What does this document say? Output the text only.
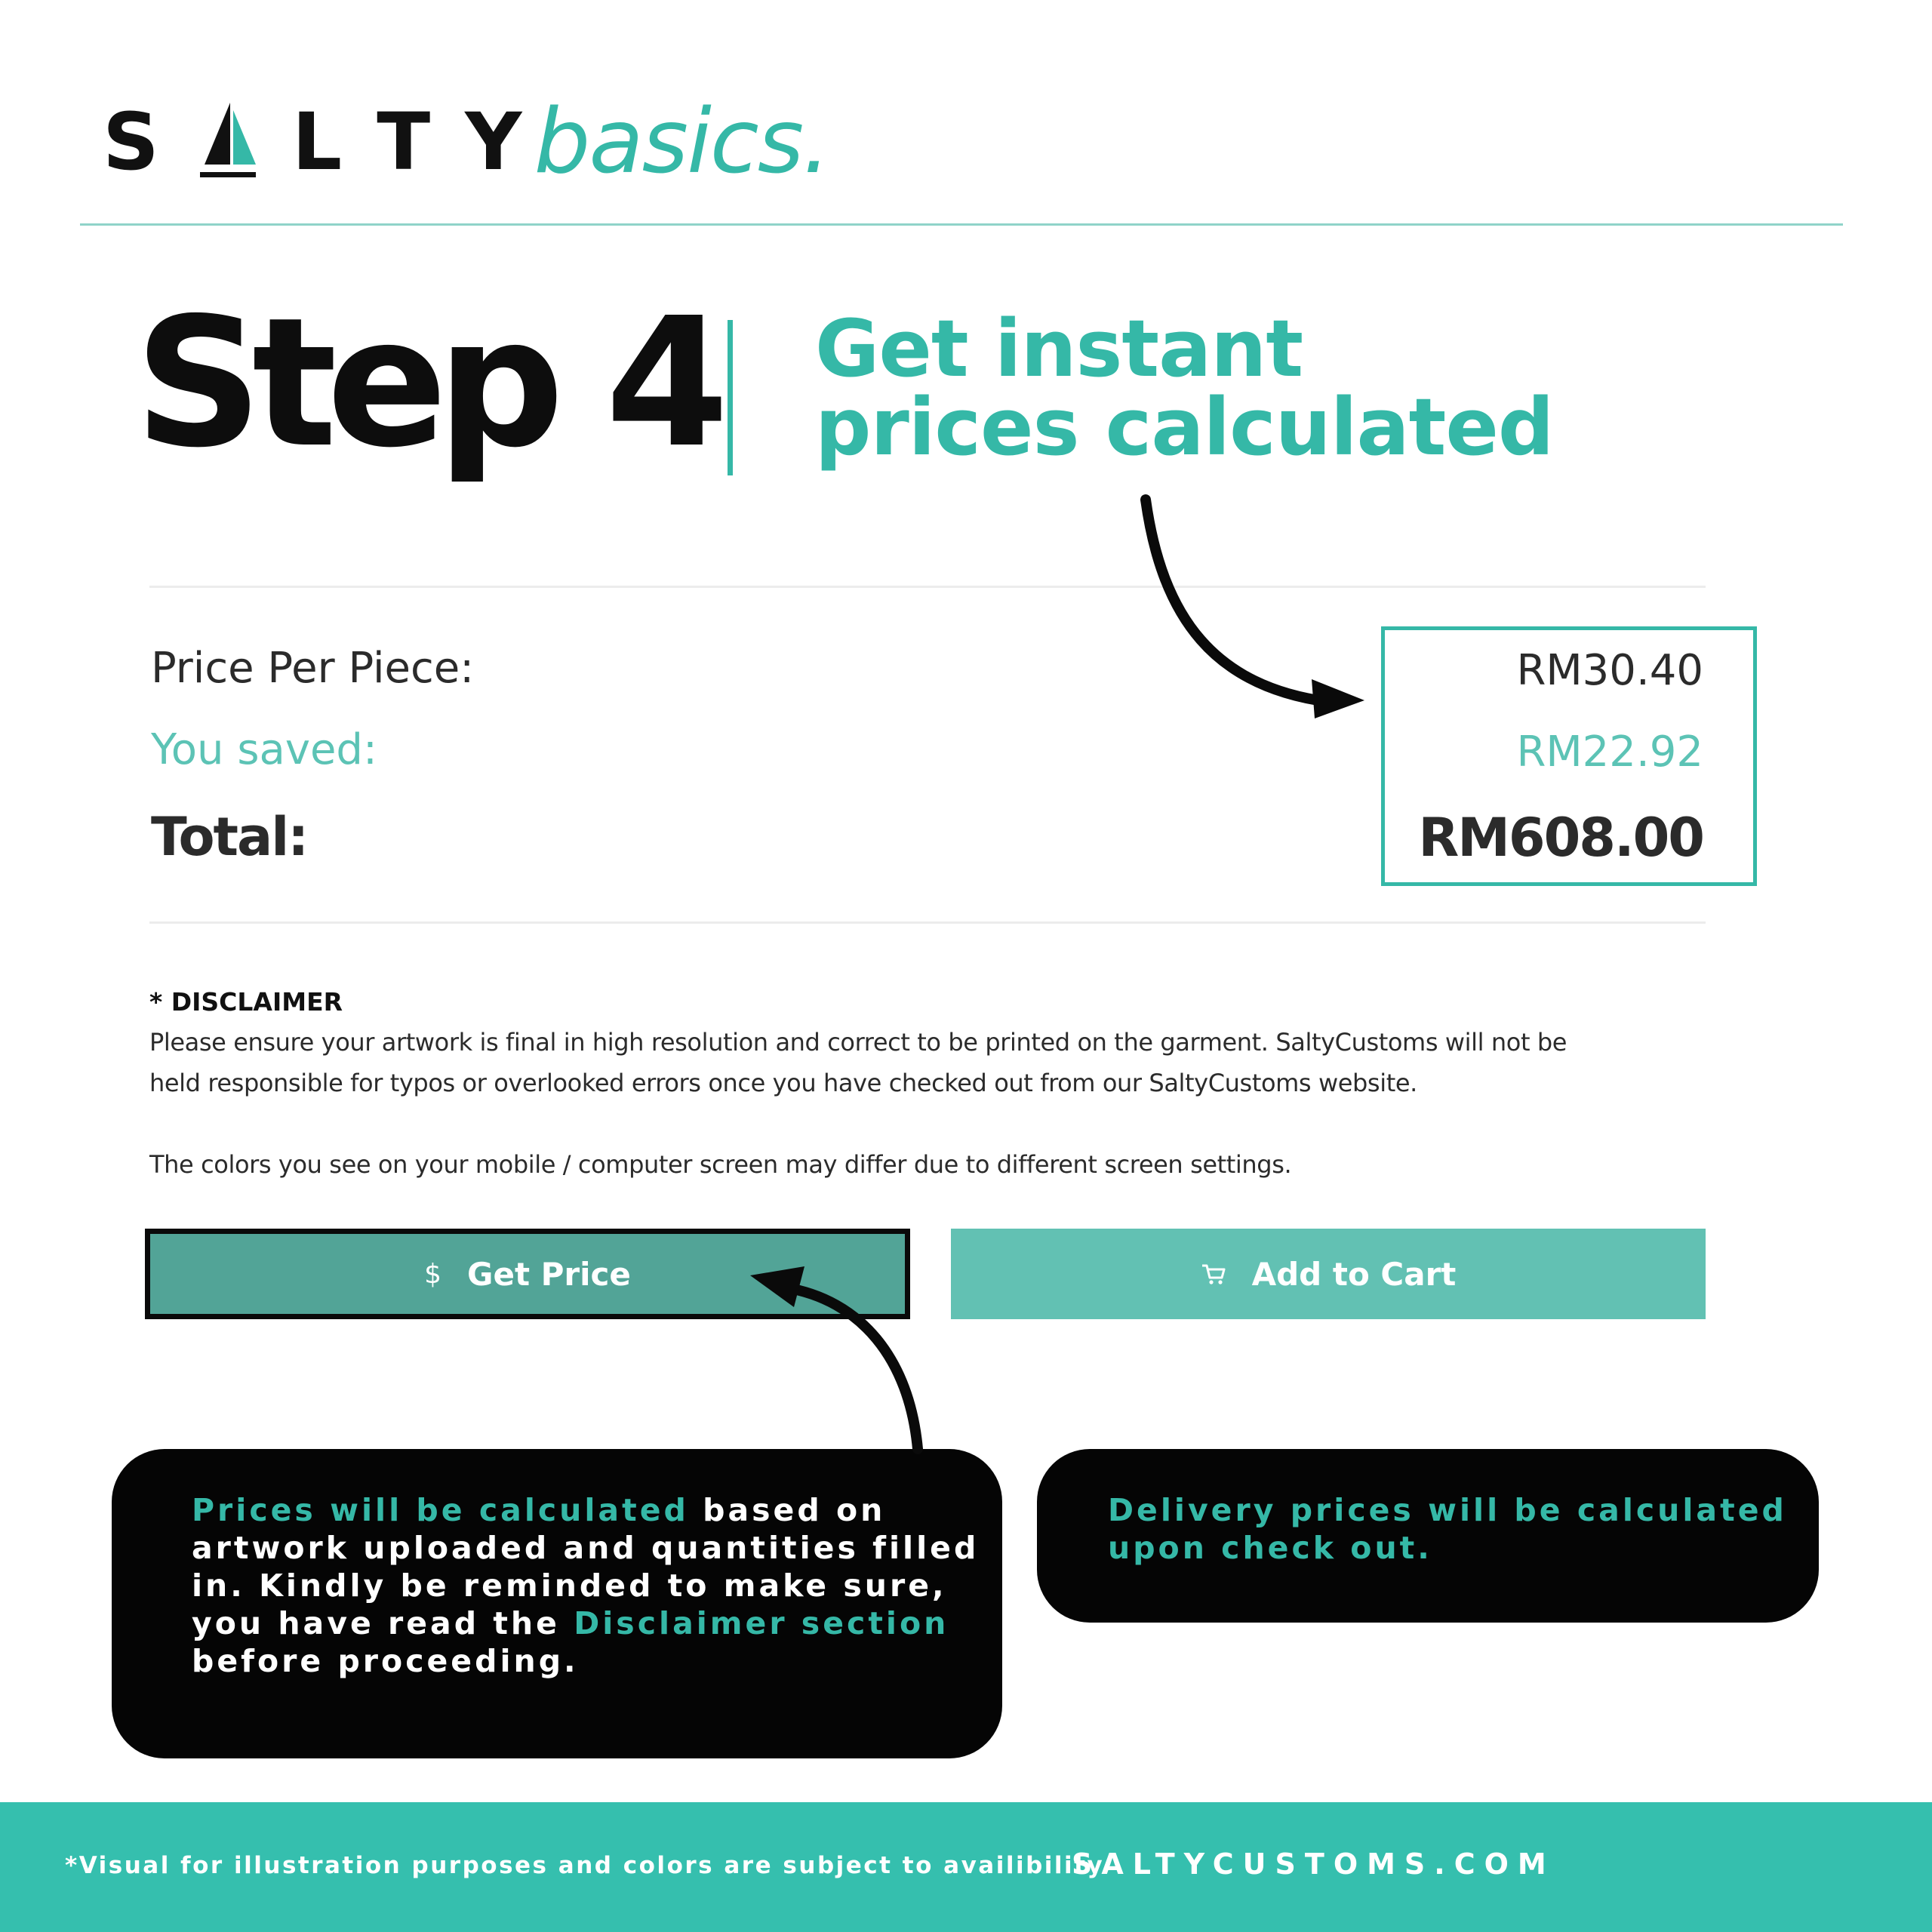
S L T Y basics.
Step 4 Get instant
prices calculated
Price Per Piece:
You saved:
Total:
RM30.40
RM22.92
RM608.00
* DISCLAIMER
Please ensure your artwork is final in high resolution and correct to be printed on the garment. SaltyCustoms will not be
held responsible for typos or overlooked errors once you have checked out from our SaltyCustoms website.
The colors you see on your mobile / computer screen may differ due to different screen settings.
$ Get Price	Add to Cart
Prices will be calculated based on
artwork uploaded and quantities filled
in. Kindly be reminded to make sure,
you have read the Disclaimer section
before proceeding.
Delivery prices will be calculated
upon check out.
*Visual for illustration purposes and colors are subject to availibility
SALTYCUSTOMS.COM
